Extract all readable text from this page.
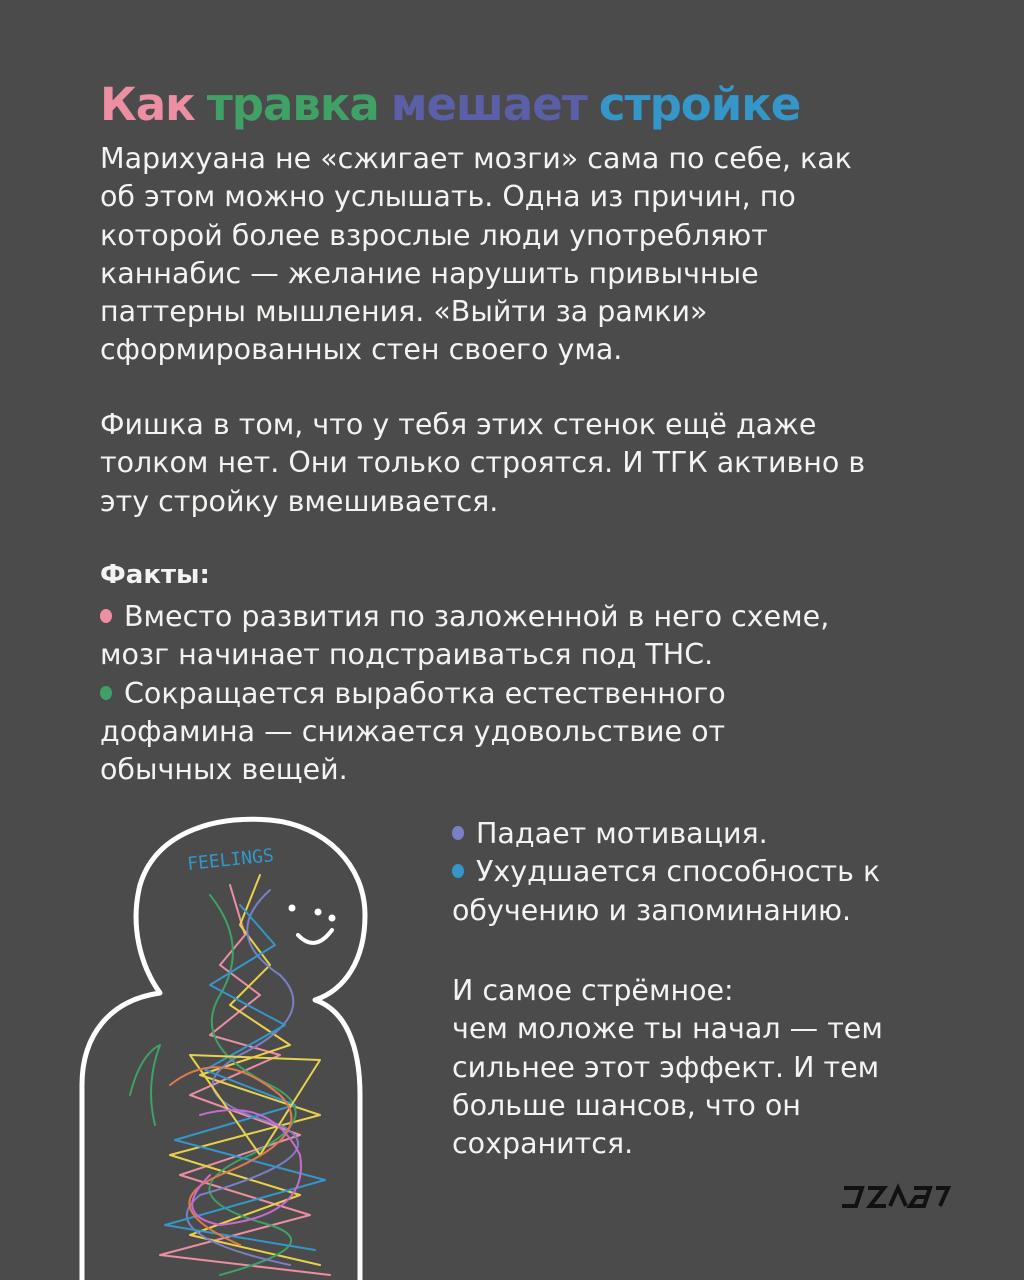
Как травка мешает стройке

Марихуана не «сжигает мозги» сама по себе, как

об этом можно услышать. Одна из причин, по

которой более взрослые люди употребляют

каннабис — желание нарушить привычные

паттерны мышления. «Выйти за рамки»

сформированных стен своего ума.

Фишка в том, что у тебя этих стенок ещё даже

толком нет. Они только строятся. И ТГК активно в

эту стройку вмешивается.

Факты:
Вместо развития по заложенной в него схеме,
мозг начинает подстраиваться под THC.
Сокращается выработка естественного
дофамина — снижается удовольствие от
обычных вещей.
Падает мотивация.
Ухудшается способность к
обучению и запоминанию.
И самое стрёмное:
чем моложе ты начал — тем
сильнее этот эффект. И тем
больше шансов, что он
сохранится.
FEELINGS
